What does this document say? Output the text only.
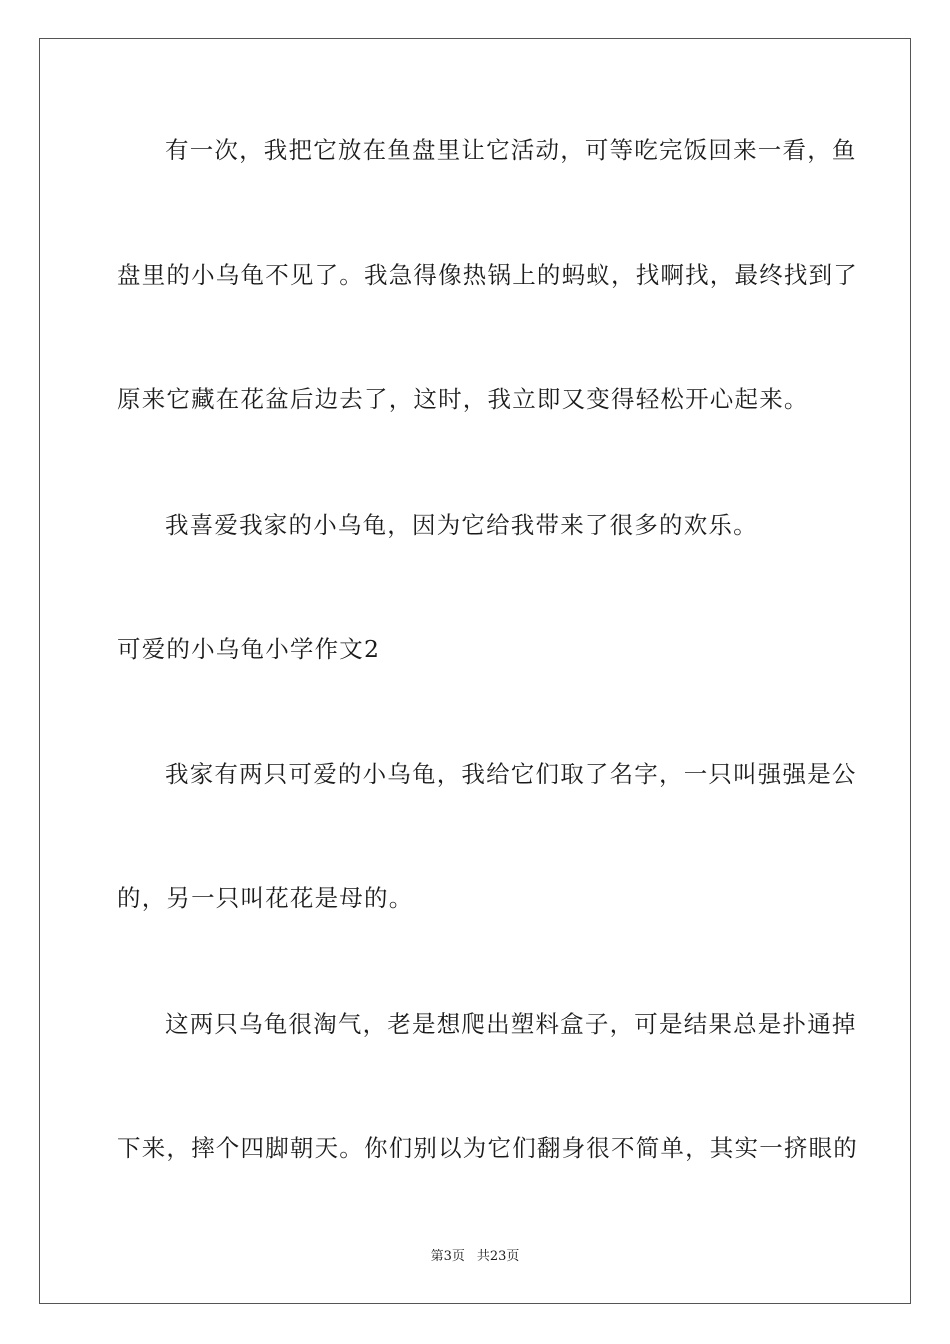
有一次，我把它放在鱼盘里让它活动，可等吃完饭回来一看，鱼
盘里的小乌龟不见了。我急得像热锅上的蚂蚁，找啊找，最终找到了
原来它藏在花盆后边去了，这时，我立即又变得轻松开心起来。
我喜爱我家的小乌龟，因为它给我带来了很多的欢乐。
可爱的小乌龟小学作文2
我家有两只可爱的小乌龟，我给它们取了名字，一只叫强强是公
的，另一只叫花花是母的。
这两只乌龟很淘气，老是想爬出塑料盒子，可是结果总是扑通掉
下来，摔个四脚朝天。你们别以为它们翻身很不简单，其实一挤眼的
第3页 共23页
